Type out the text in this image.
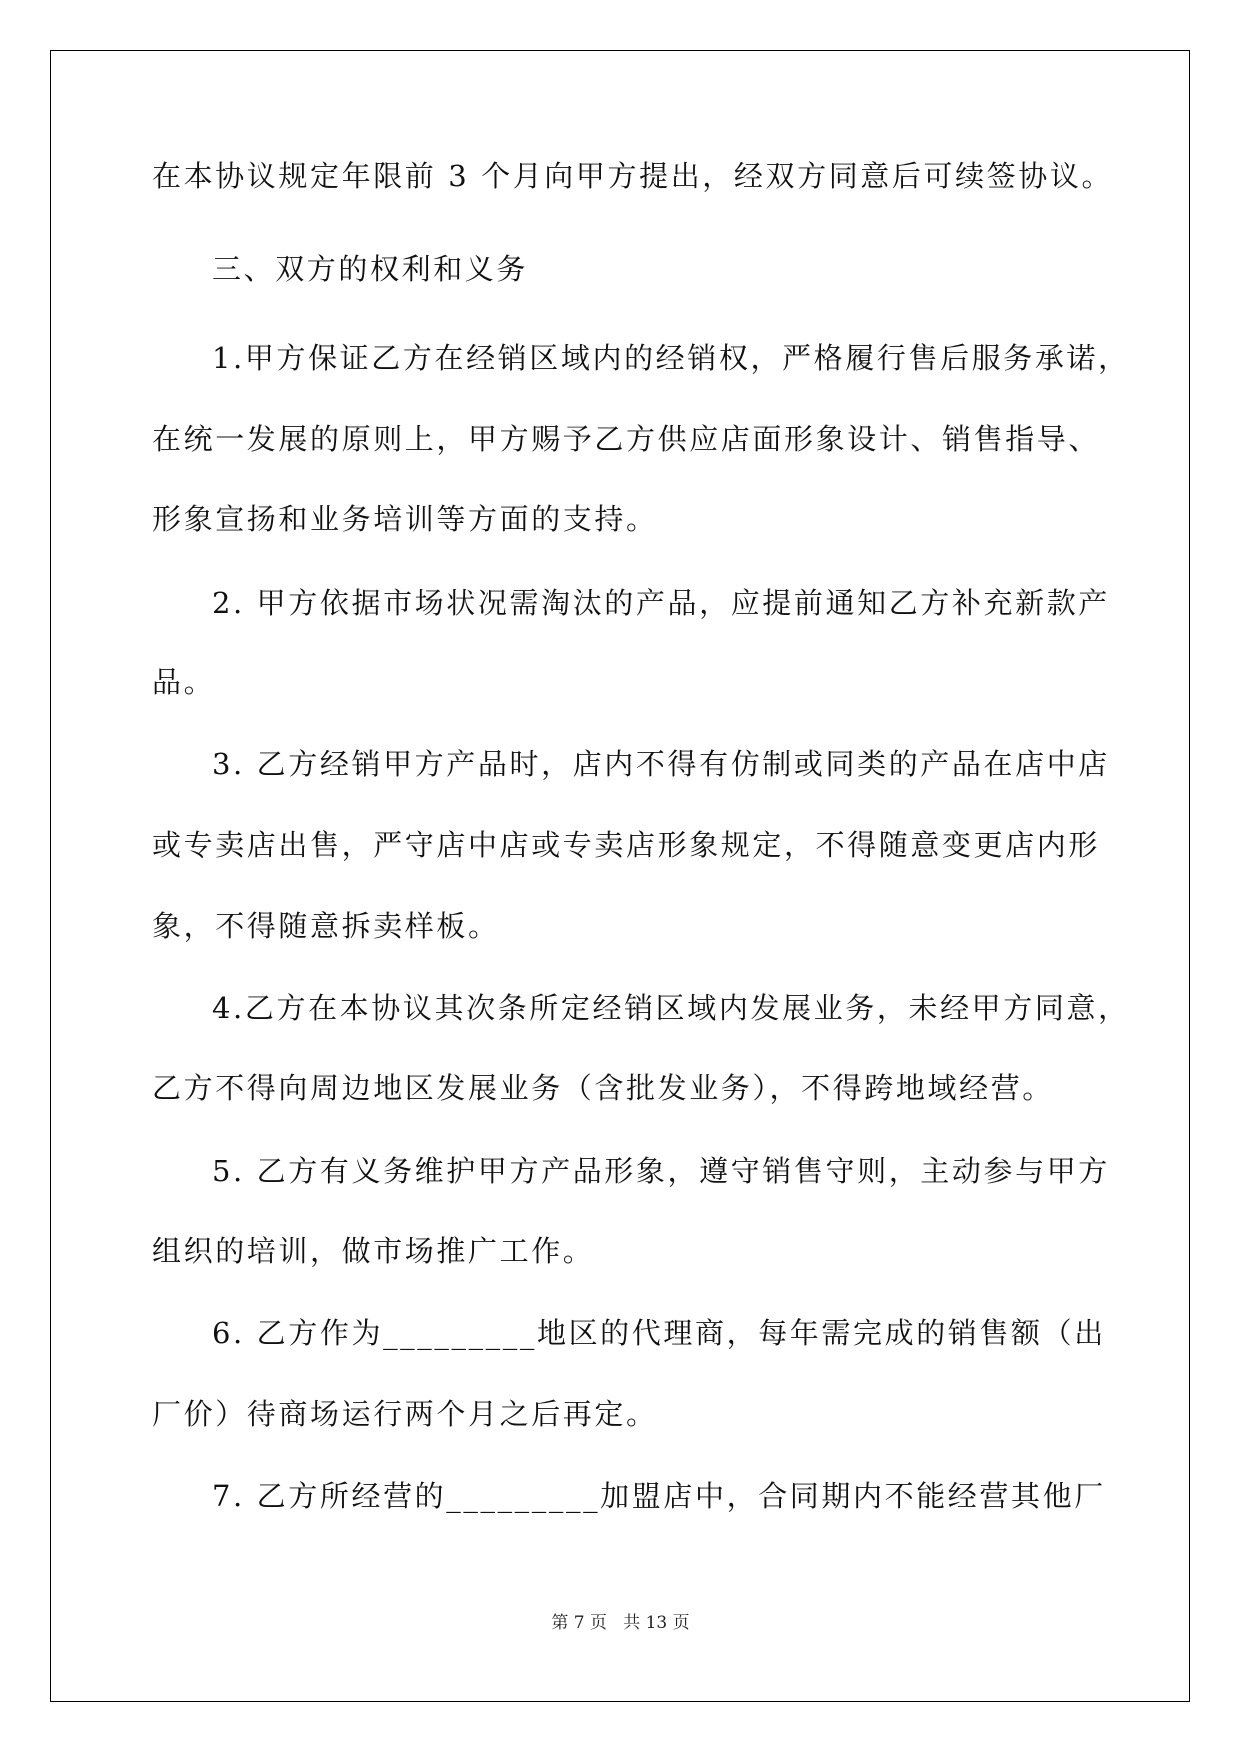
在本协议规定年限前 3 个月向甲方提出，经双方同意后可续签协议。
三、双方的权利和义务
1.甲方保证乙方在经销区域内的经销权，严格履行售后服务承诺，
在统一发展的原则上，甲方赐予乙方供应店面形象设计、销售指导、
形象宣扬和业务培训等方面的支持。
2. 甲方依据市场状况需淘汰的产品，应提前通知乙方补充新款产
品。
3. 乙方经销甲方产品时，店内不得有仿制或同类的产品在店中店
或专卖店出售，严守店中店或专卖店形象规定，不得随意变更店内形
象，不得随意拆卖样板。
4.乙方在本协议其次条所定经销区域内发展业务，未经甲方同意，
乙方不得向周边地区发展业务（含批发业务），不得跨地域经营。
5. 乙方有义务维护甲方产品形象，遵守销售守则，主动参与甲方
组织的培训，做市场推广工作。
6. 乙方作为_________地区的代理商，每年需完成的销售额（出
厂价）待商场运行两个月之后再定。
7. 乙方所经营的_________加盟店中，合同期内不能经营其他厂
第 7 页   共 13 页
